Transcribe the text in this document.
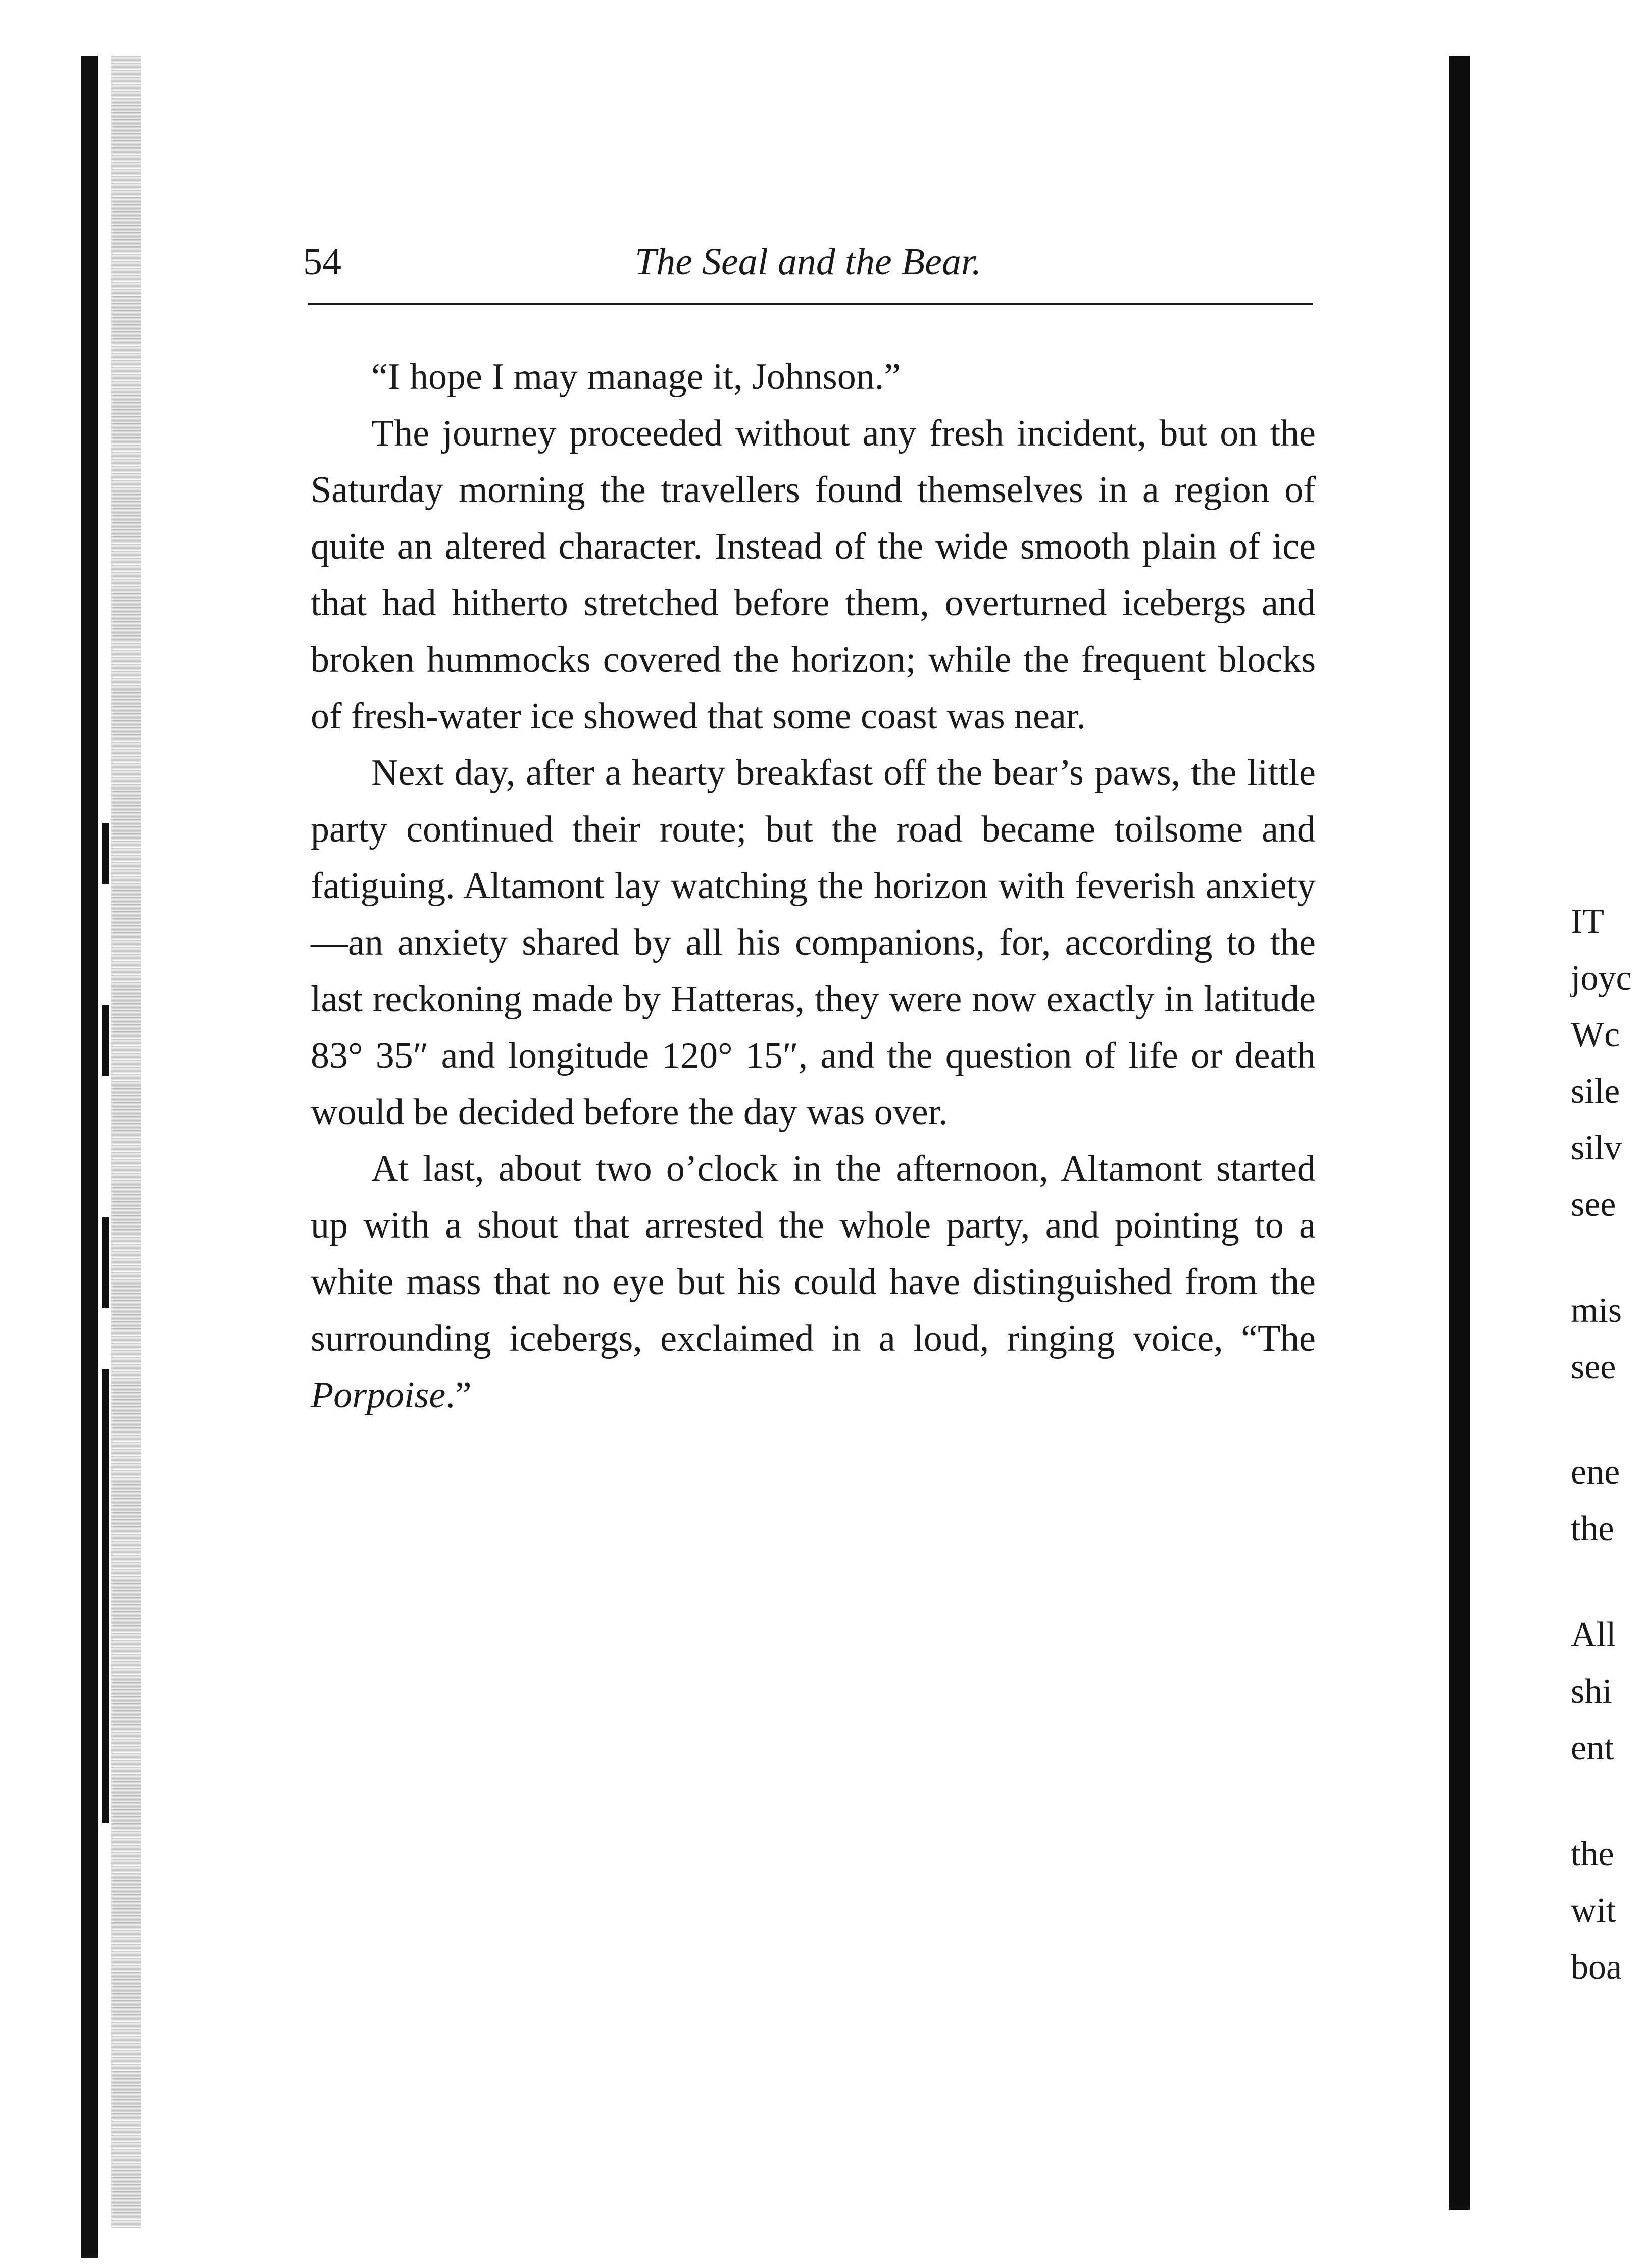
IT
joyc
Wc
sile
silv
see
mis
see
ene
the
All
shi
ent
the
wit
boa
54	The Seal and the Bear.

“I hope I may manage it, Johnson.”

The journey proceeded without any fresh incident, but on the Saturday morning the travellers found themselves in a region of quite an altered character. Instead of the wide smooth plain of ice that had hitherto stretched before them, overturned icebergs and broken hummocks covered the horizon; while the frequent blocks of fresh-water ice showed that some coast was near.

Next day, after a hearty breakfast off the bear’s paws, the little party continued their route; but the road became toilsome and fatiguing. Altamont lay watching the horizon with feverish anxiety—an anxiety shared by all his companions, for, according to the last reckoning made by Hatteras, they were now exactly in latitude 83° 35″ and longitude 120° 15″, and the question of life or death would be decided before the day was over.

At last, about two o’clock in the afternoon, Altamont started up with a shout that arrested the whole party, and pointing to a white mass that no eye but his could have distinguished from the surrounding icebergs, exclaimed in a loud, ringing voice, “The Porpoise.”
